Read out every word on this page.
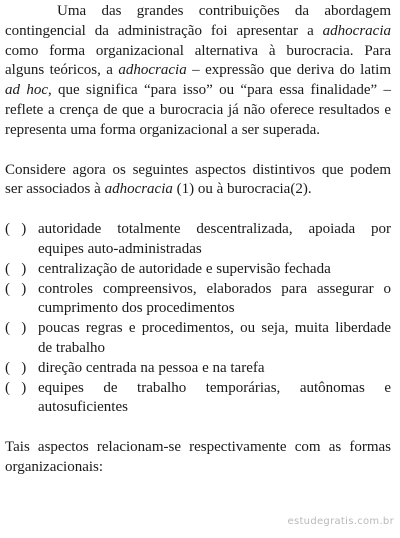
Uma das grandes contribuições da abordagem contingencial da administração foi apresentar a adhocracia como forma organizacional alternativa à burocracia. Para alguns teóricos, a adhocracia – expressão que deriva do latim ad hoc, que significa “para isso” ou “para essa finalidade” – reflete a crença de que a burocracia já não oferece resultados e representa uma forma organizacional a ser superada.

Considere agora os seguintes aspectos distintivos que podem ser associados à adhocracia (1) ou à burocracia(2).

(   ) autoridade totalmente descentralizada, apoiada por equipes auto-administradas
(   ) centralização de autoridade e supervisão fechada
(   ) controles compreensivos, elaborados para assegurar o cumprimento dos procedimentos
(   ) poucas regras e procedimentos, ou seja, muita liberdade de trabalho
(   ) direção centrada na pessoa e na tarefa
(   ) equipes de trabalho temporárias, autônomas e autosuficientes

Tais aspectos relacionam-se respectivamente com as formas organizacionais:

estudegratis.com.br
